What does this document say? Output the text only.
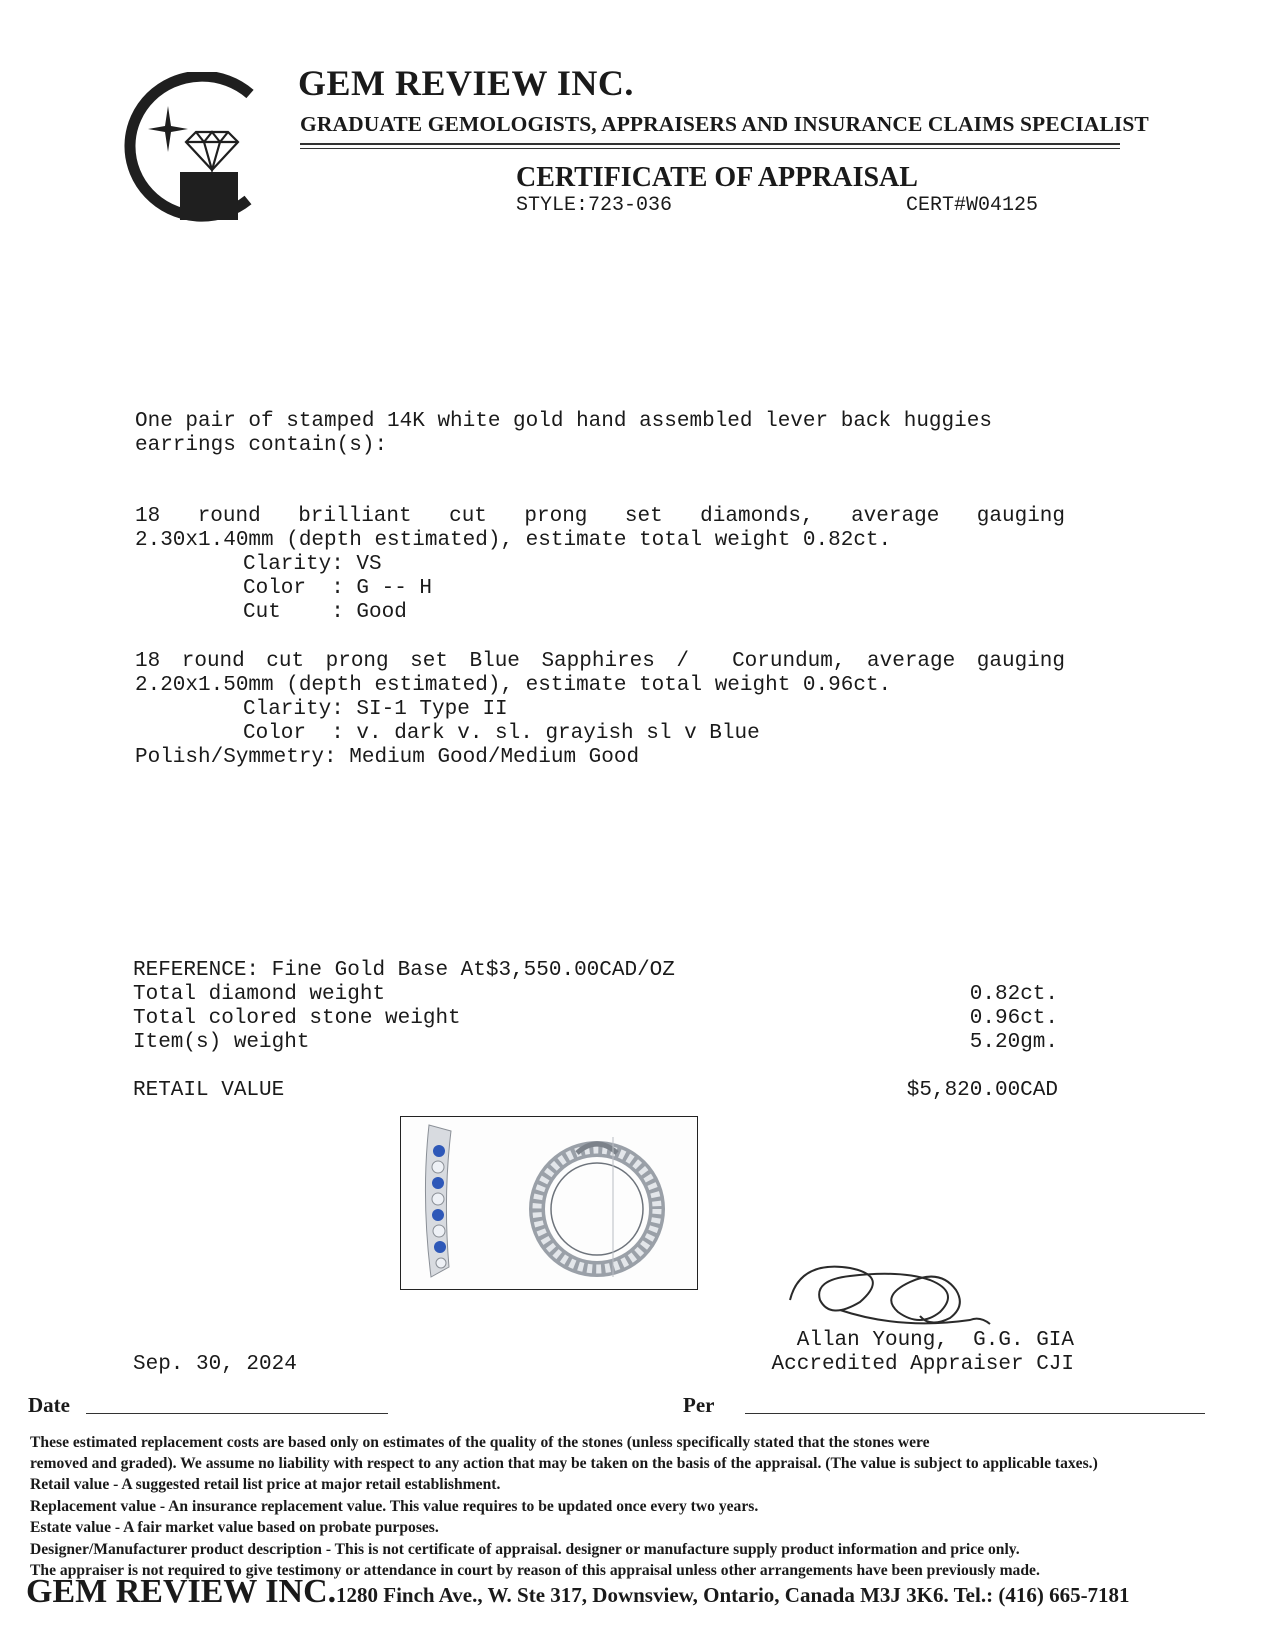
GEM REVIEW INC.
GRADUATE GEMOLOGISTS, APPRAISERS AND INSURANCE CLAIMS SPECIALIST
CERTIFICATE OF APPRAISAL
STYLE:723-036	CERT#W04125
One pair of stamped 14K white gold hand assembled lever back huggies
earrings contain(s):
18 round brilliant cut prong set diamonds, average gauging
2.30x1.40mm (depth estimated), estimate total weight 0.82ct.
Clarity: VS
Color  : G -- H
Cut    : Good
18 round cut prong set Blue Sapphires /  Corundum, average gauging
2.20x1.50mm (depth estimated), estimate total weight 0.96ct.
Clarity: SI-1 Type II
Color  : v. dark v. sl. grayish sl v Blue
Polish/Symmetry: Medium Good/Medium Good
REFERENCE: Fine Gold Base At$3,550.00CAD/OZ
Total diamond weight	0.82ct.
Total colored stone weight	0.96ct.
Item(s) weight	5.20gm.
RETAIL VALUE	$5,820.00CAD
Allan Young,  G.G. GIA
Accredited Appraiser CJI
Sep. 30, 2024
Date	Per
These estimated replacement costs are based only on estimates of the quality of the stones (unless specifically stated that the stones were
removed and graded). We assume no liability with respect to any action that may be taken on the basis of the appraisal. (The value is subject to applicable taxes.)
Retail value - A suggested retail list price at major retail establishment.
Replacement value - An insurance replacement value. This value requires to be updated once every two years.
Estate value - A fair market value based on probate purposes.
Designer/Manufacturer product description - This is not certificate of appraisal. designer or manufacture supply product information and price only.
The appraiser is not required to give testimony or attendance in court by reason of this appraisal unless other arrangements have been previously made.
GEM REVIEW INC. 1280 Finch Ave., W. Ste 317, Downsview, Ontario, Canada M3J 3K6. Tel.: (416) 665-7181
